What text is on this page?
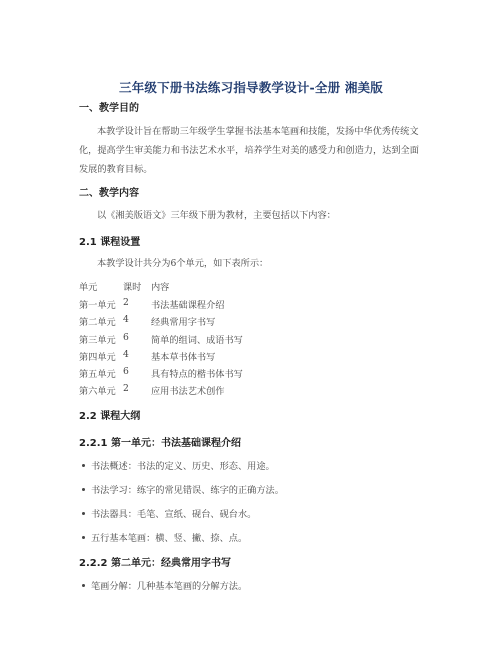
三年级下册书法练习指导教学设计-全册 湘美版
一、教学目的
本教学设计旨在帮助三年级学生掌握书法基本笔画和技能，发扬中华优秀传统文化，提高学生审美能力和书法艺术水平，培养学生对美的感受力和创造力，达到全面发展的教育目标。
二、教学内容
以《湘美版语文》三年级下册为教材，主要包括以下内容：
2.1 课程设置
本教学设计共分为6个单元，如下表所示：
单元	课时 内容
第一单元 2 书法基础课程介绍
第二单元 4 经典常用字书写
第三单元 6 简单的组词、成语书写
第四单元 4 基本草书体书写
第五单元 6 具有特点的楷书体书写
第六单元 2 应用书法艺术创作
2.2 课程大纲
2.2.1 第一单元：书法基础课程介绍
书法概述：书法的定义、历史、形态、用途。
书法学习：练字的常见错误、练字的正确方法。
书法器具：毛笔、宣纸、砚台、砚台水。
五行基本笔画：横、竖、撇、捺、点。
2.2.2 第二单元：经典常用字书写
笔画分解：几种基本笔画的分解方法。
